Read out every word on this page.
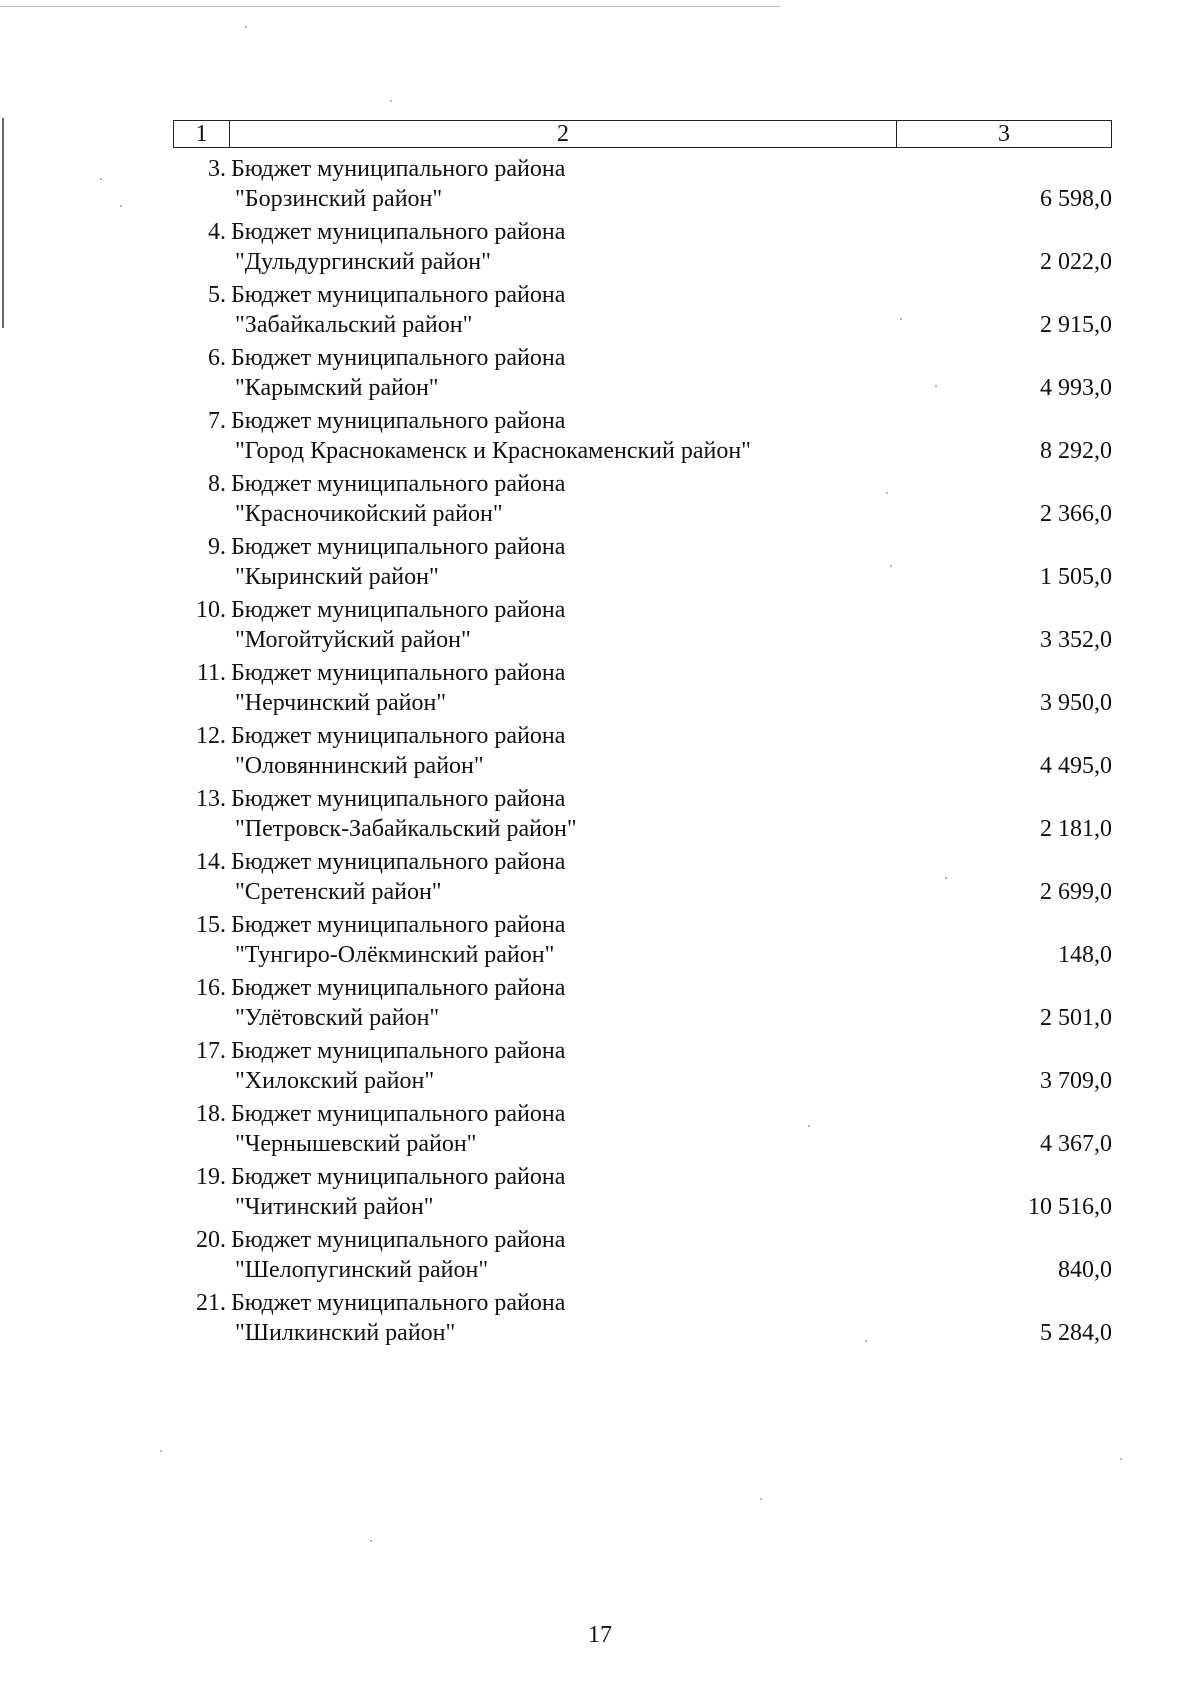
1	2	3
3. Бюджет муниципального района
"Борзинский район"	6 598,0
4. Бюджет муниципального района
"Дульдургинский район"	2 022,0
5. Бюджет муниципального района
"Забайкальский район"	2 915,0
6. Бюджет муниципального района
"Карымский район"	4 993,0
7. Бюджет муниципального района
"Город Краснокаменск и Краснокаменский район"	8 292,0
8. Бюджет муниципального района
"Красночикойский район"	2 366,0
9. Бюджет муниципального района
"Кыринский район"	1 505,0
10. Бюджет муниципального района
"Могойтуйский район"	3 352,0
11. Бюджет муниципального района
"Нерчинский район"	3 950,0
12. Бюджет муниципального района
"Оловяннинский район"	4 495,0
13. Бюджет муниципального района
"Петровск-Забайкальский район"	2 181,0
14. Бюджет муниципального района
"Сретенский район"	2 699,0
15. Бюджет муниципального района
"Тунгиро-Олёкминский район"	148,0
16. Бюджет муниципального района
"Улётовский район"	2 501,0
17. Бюджет муниципального района
"Хилокский район"	3 709,0
18. Бюджет муниципального района
"Чернышевский район"	4 367,0
19. Бюджет муниципального района
"Читинский район"	10 516,0
20. Бюджет муниципального района
"Шелопугинский район"	840,0
21. Бюджет муниципального района
"Шилкинский район"	5 284,0
17
